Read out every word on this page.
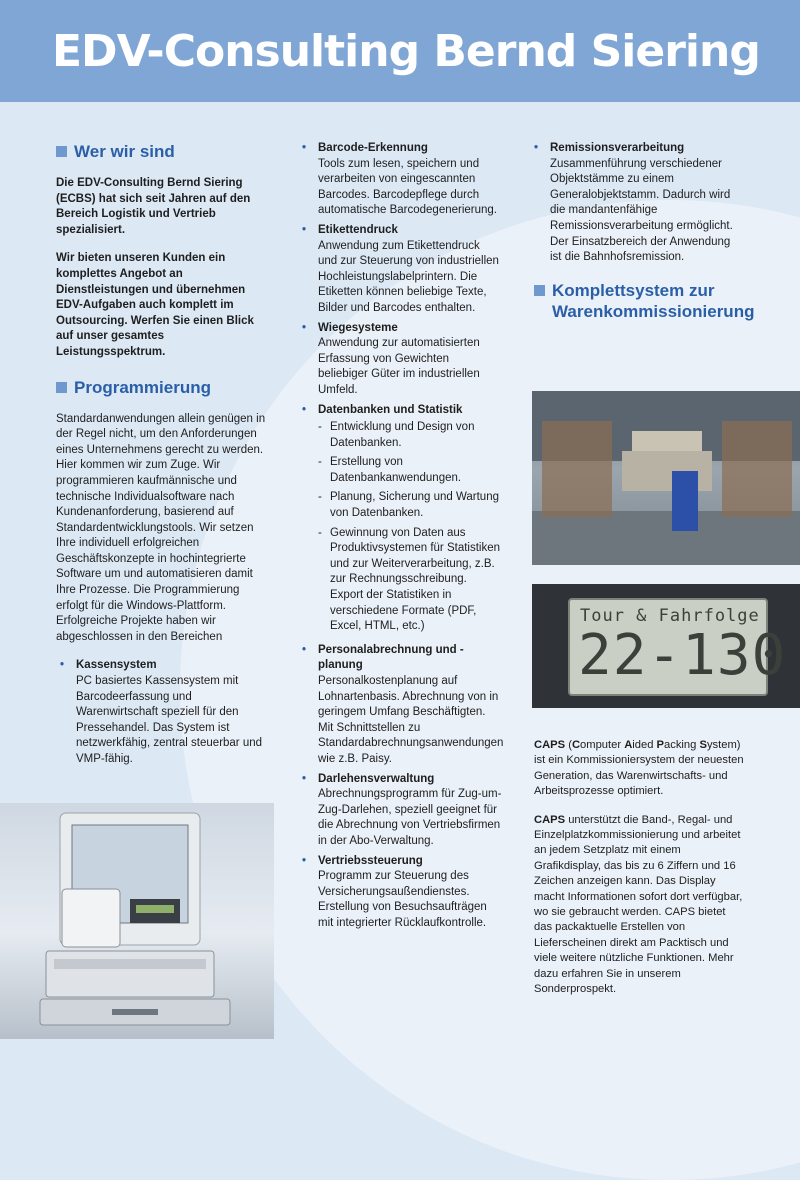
EDV-Consulting Bernd Siering
Wer wir sind

Die EDV-Consulting Bernd Siering (ECBS) hat sich seit Jahren auf den Bereich Logistik und Vertrieb spezialisiert.

Wir bieten unseren Kunden ein komplettes Angebot an Dienstleistungen und übernehmen EDV-Aufgaben auch komplett im Outsourcing. Werfen Sie einen Blick auf unser gesamtes Leistungsspektrum.

Programmierung

Standardanwendungen allein genügen in der Regel nicht, um den Anforderungen eines Unternehmens gerecht zu werden. Hier kommen wir zum Zuge. Wir programmieren kaufmännische und technische Individualsoftware nach Kundenanforderung, basierend auf Standardentwicklungstools. Wir setzen Ihre individuell erfolgreichen Geschäftskonzepte in hochintegrierte Software um und automatisieren damit Ihre Prozesse. Die Programmierung erfolgt für die Windows-Plattform. Erfolgreiche Projekte haben wir abgeschlossen in den Bereichen

•	Kassensystem
PC basiertes Kassensystem mit Barcodeerfassung und Warenwirtschaft speziell für den Pressehandel. Das System ist netzwerkfähig, zentral steuerbar und VMP-fähig.
•	Barcode-Erkennung
Tools zum lesen, speichern und verarbeiten von eingescannten Barcodes. Barcodepflege durch automatische Barcodegenerierung.
•	Etikettendruck
Anwendung zum Etikettendruck und zur Steuerung von industriellen Hochleistungslabelprintern. Die Etiketten können beliebige Texte, Bilder und Barcodes enthalten.
•	Wiegesysteme
Anwendung zur automatisierten Erfassung von Gewichten beliebiger Güter im industriellen Umfeld.
•	Datenbanken und Statistik
- Entwicklung und Design von Datenbanken.
- Erstellung von Datenbankanwendungen.
- Planung, Sicherung und Wartung von Datenbanken.
- Gewinnung von Daten aus Produktivsystemen für Statistiken und zur Weiterverarbeitung, z.B. zur Rechnungsschreibung. Export der Statistiken in verschiedene Formate (PDF, Excel, HTML, etc.)
•	Personalabrechnung und -planung
Personalkostenplanung auf Lohnartenbasis. Abrechnung von in geringem Umfang Beschäftigten. Mit Schnittstellen zu Standardabrechnungsanwendungen wie z.B. Paisy.
•	Darlehensverwaltung
Abrechnungsprogramm für Zug-um-Zug-Darlehen, speziell geeignet für die Abrechnung von Vertriebsfirmen in der Abo-Verwaltung.
•	Vertriebssteuerung
Programm zur Steuerung des Versicherungsaußendienstes. Erstellung von Besuchsaufträgen mit integrierter Rücklaufkontrolle.
•	Remissionsverarbeitung
Zusammenführung verschiedener Objektstämme zu einem Generalobjektstamm. Dadurch wird die mandantenfähige Remissionsverarbeitung ermöglicht. Der Einsatzbereich der Anwendung ist die Bahnhofsremission.
Komplettsystem zur Warenkommissionierung
Tour & Fahrfolge
22-130

CAPS (Computer Aided Packing System) ist ein Kommissioniersystem der neuesten Generation, das Warenwirtschafts- und Arbeitsprozesse optimiert.

CAPS unterstützt die Band-, Regal- und Einzelplatzkommissionierung und arbeitet an jedem Setzplatz mit einem Grafikdisplay, das bis zu 6 Ziffern und 16 Zeichen anzeigen kann. Das Display macht Informationen sofort dort verfügbar, wo sie gebraucht werden. CAPS bietet das packaktuelle Erstellen von Lieferscheinen direkt am Packtisch und viele weitere nützliche Funktionen. Mehr dazu erfahren Sie in unserem Sonderprospekt.
